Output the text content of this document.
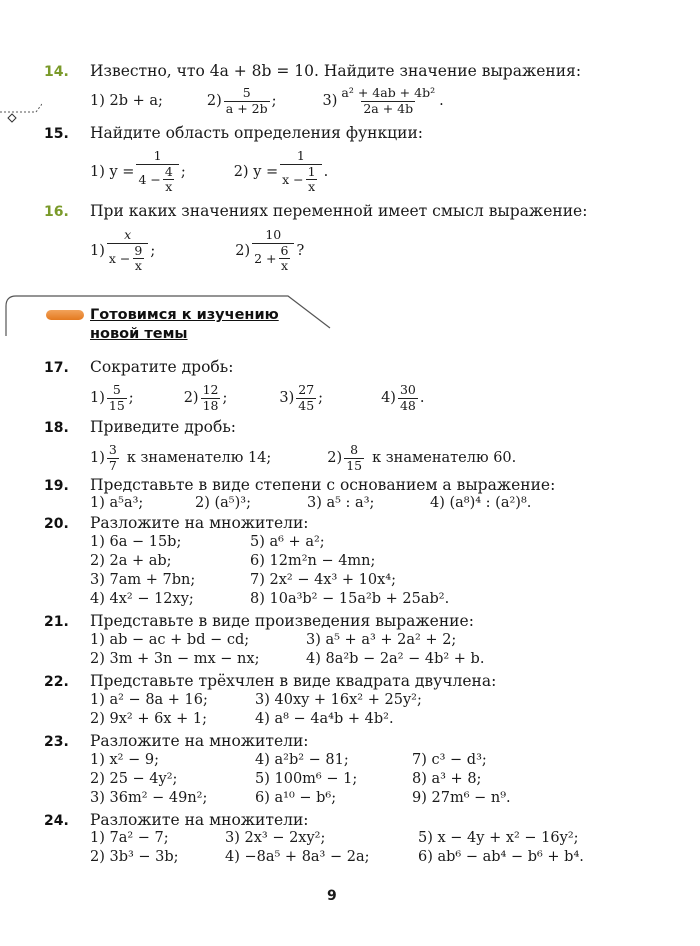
14. Известно, что 4a + 8b = 10. Найдите значение выражения:
1) 2b + a;	$2) \frac{5}{a + 2b}$ ;	$3) \frac{\text{a² + 4ab + 4b²}}{2a + 4b}$ .
15. Найдите область определения функции:
1) $y = \frac{1}{4 - \frac{4}{x}}$ ;	2) $y = \frac{1}{x - \frac{1}{x}}$ .
16. При каких значениях переменной имеет смысл выражение:
$1) \frac{x}{x - \frac{9}{x}}$ ;	$2) \frac{10}{2 + \frac{6}{x}}$ ?
Готовимся к изучению
новой темы
17. Сократите дробь:
$1) \frac{5}{15}$ ;	$2) \frac{12}{18}$ ;	$3) \frac{27}{45}$ ;	$4) \frac{30}{48}$ .
18. Приведите дробь:
$1) \frac{3}{7}$ к знаменателю 14;	$2) \frac{8}{15}$ к знаменателю 60.
19. Представьте в виде степени с основанием a выражение:
1) a⁵a³;	2) (a⁵)³;	3) a⁵ : a³;	4) (a⁸)⁴ : (a²)⁸.
20. Разложите на множители:
1) 6a − 15b;
2) 2a + ab;
3) 7am + 7bn;
4) 4x² − 12xy;
5) a⁶ + a²;
6) 12m²n − 4mn;
7) 2x² − 4x³ + 10x⁴;
8) 10a³b² − 15a²b + 25ab².
21. Представьте в виде произведения выражение:
1) ab − ac + bd − cd;
2) 3m + 3n − mx − nx;
3) a⁵ + a³ + 2a² + 2;
4) 8a²b − 2a² − 4b² + b.
22. Представьте трёхчлен в виде квадрата двучлена:
1) a² − 8a + 16;
2) 9x² + 6x + 1;
3) 40xy + 16x² + 25y²;
4) a⁸ − 4a⁴b + 4b².
23. Разложите на множители:
1) x² − 9;
2) 25 − 4y²;
3) 36m² − 49n²;
4) a²b² − 81;
5) 100m⁶ − 1;
6) a¹⁰ − b⁶;
7) c³ − d³;
8) a³ + 8;
9) 27m⁶ − n⁹.
24. Разложите на множители:
1) 7a² − 7;
2) 3b³ − 3b;
3) 2x³ − 2xy²;
4) −8a⁵ + 8a³ − 2a;
5) x − 4y + x² − 16y²;
6) ab⁶ − ab⁴ − b⁶ + b⁴.
9
